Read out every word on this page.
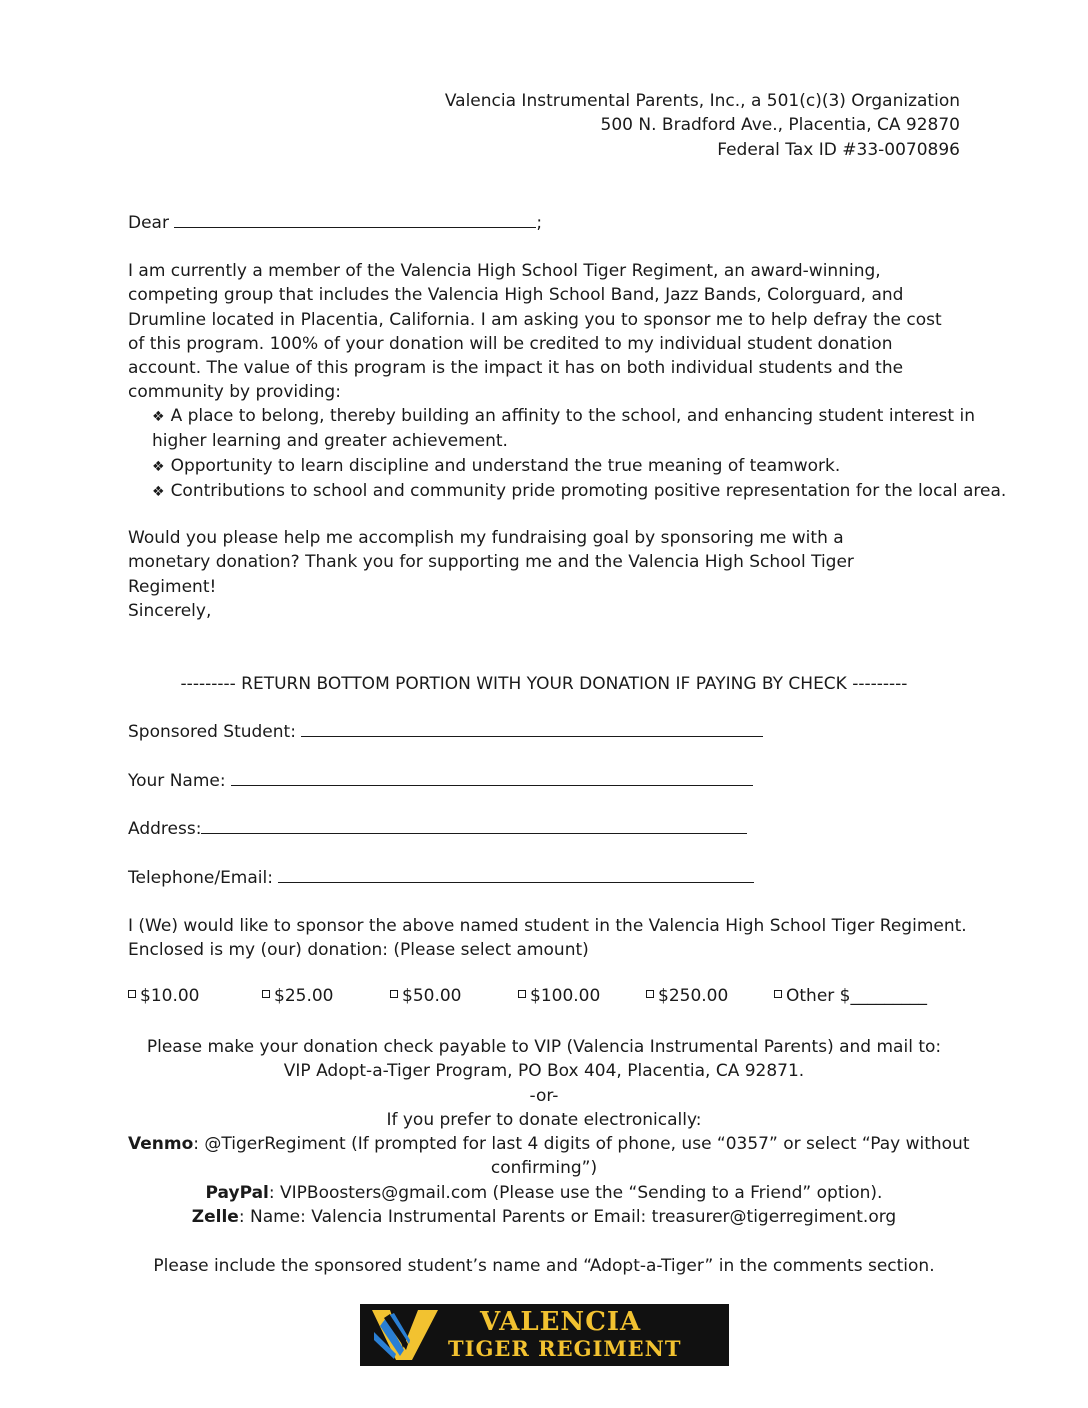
Valencia Instrumental Parents, Inc., a 501(c)(3) Organization
500 N. Bradford Ave., Placentia, CA 92870
Federal Tax ID #33-0070896
Dear	;
I am currently a member of the Valencia High School Tiger Regiment, an award-winning, competing group that includes the Valencia High School Band, Jazz Bands, Colorguard, and Drumline located in Placentia, California. I am asking you to sponsor me to help defray the cost of this program. 100% of your donation will be credited to my individual student donation account. The value of this program is the impact it has on both individual students and the community by providing:
❖ A place to belong, thereby building an affinity to the school, and enhancing student interest in
higher learning and greater achievement.
❖ Opportunity to learn discipline and understand the true meaning of teamwork.
❖ Contributions to school and community pride promoting positive representation for the local area.
Would you please help me accomplish my fundraising goal by sponsoring me with a monetary donation? Thank you for supporting me and the Valencia High School Tiger Regiment!
Sincerely,
--------- RETURN BOTTOM PORTION WITH YOUR DONATION IF PAYING BY CHECK ---------
Sponsored Student:
Your Name:
Address:
Telephone/Email:
I (We) would like to sponsor the above named student in the Valencia High School Tiger Regiment.
Enclosed is my (our) donation: (Please select amount)
$10.00	$25.00	$50.00	$100.00	$250.00	Other $_________
Please make your donation check payable to VIP (Valencia Instrumental Parents) and mail to:
VIP Adopt-a-Tiger Program, PO Box 404, Placentia, CA 92871.
-or-
If you prefer to donate electronically:
Venmo: @TigerRegiment (If prompted for last 4 digits of phone, use “0357” or select “Pay without
confirming”)
PayPal: VIPBoosters@gmail.com (Please use the “Sending to a Friend” option).
Zelle: Name: Valencia Instrumental Parents or Email: treasurer@tigerregiment.org
Please include the sponsored student’s name and “Adopt-a-Tiger” in the comments section.
VALENCIA
TIGER REGIMENT
